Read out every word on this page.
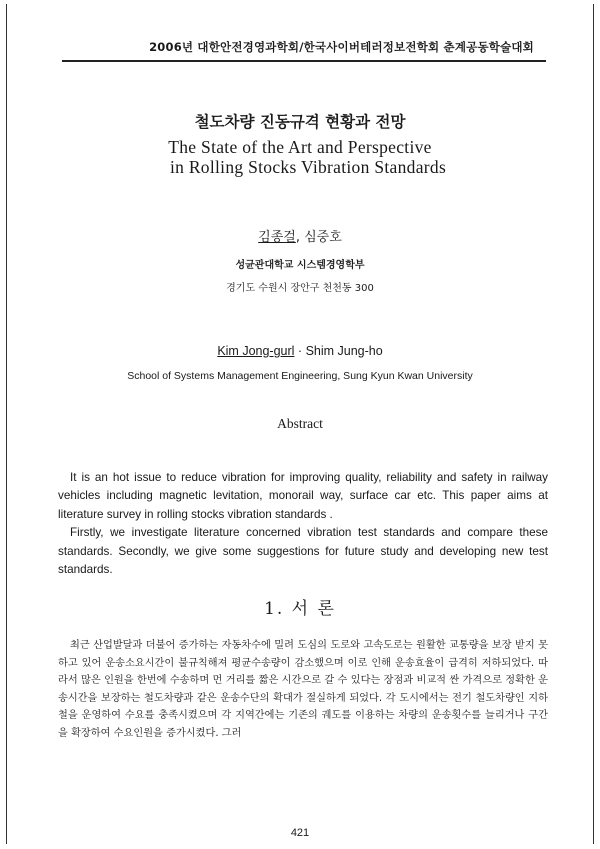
2006년 대한안전경영과학회/한국사이버테러정보전학회 춘계공동학술대회
철도차량 진동규격 현황과 전망
The State of the Art and Perspective
in Rolling Stocks Vibration Standards
김종걸, 심중호
성균관대학교 시스템경영학부
경기도 수원시 장안구 천천동 300
Kim Jong-gurl · Shim Jung-ho
School of Systems Management Engineering, Sung Kyun Kwan University
Abstract

It is an hot issue to reduce vibration for improving quality, reliability and safety in railway vehicles including magnetic levitation, monorail way, surface car etc. This paper aims at literature survey in rolling stocks vibration standards .

Firstly, we investigate literature concerned vibration test standards and compare these standards. Secondly, we give some suggestions for future study and developing new test standards.

1. 서 론

최근 산업발달과 더불어 증가하는 자동차수에 밀려 도심의 도로와 고속도로는 원활한 교통량을 보장 받지 못하고 있어 운송소요시간이 불규칙해져 평균수송량이 감소했으며 이로 인해 운송효율이 급격히 저하되었다. 따라서 많은 인원을 한번에 수송하며 먼 거리를 짧은 시간으로 갈 수 있다는 장점과 비교적 싼 가격으로 정확한 운송시간을 보장하는 철도차량과 같은 운송수단의 확대가 절실하게 되었다. 각 도시에서는 전기 철도차량인 지하철을 운영하여 수요를 충족시켰으며 각 지역간에는 기존의 궤도를 이용하는 차량의 운송횟수를 늘리거나 구간을 확장하여 수요인원을 증가시켰다. 그러

421
